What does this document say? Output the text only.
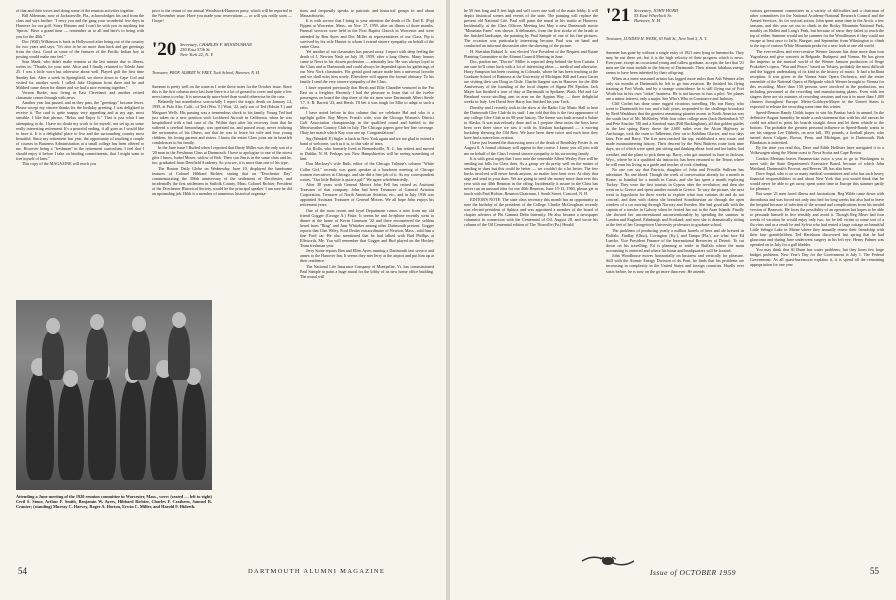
of that and their wives and doing some of the reunion activities together.

Bill Alderman, now of Jacksonville, Fla., acknowledges his card from the class and says further: "I envy you and the gang your wonderful few days in Hanover for our golf. Sorry Ebinner and I can't be with you in anything but 'Spirits.' Have a grand time — remember us to all and here's to being with you for the 40th."

Doc (Will) Wilkinson is back in Hollywood after being out of the country for two years and says: "It's nice to be no more than back and get greetings from the class. Good as some of the features of the Pacific Indian boy in posting would make one feel."

Stan Mank, who didn't make reunion at the last minute due to illness, writes in: "Thanks for your note. Alice and I finally returned to Toledo June 25. I was a little worn but otherwise about well. Played golf the first time Sunday last. After a week in Springfield, we drove down to Cape Cod and visited for another week. I called Jake Chipman from there and he and Mildred came down for dinner and we had a nice evening together."

Vernon Burke, now living in East Cleveland, and another retired classmate comes through with news.

Another year has passed, and as they pass, the "greetings" become fewer. Please accept my sincere thanks for the birthday greeting. I was delighted to receive it. The card is quite snappy very appealing and at my age, most sensible. I like that phrase, "Relax and Enjoy It." That is just what I am attempting to do. I have no doubt my work is for myself, not set up as some really interesting retirement. It's a peaceful ending, if all goes as I would like to have it. It is a delightful place to live and the surrounding country most beautiful. Since my retirement last year, the opportunity of teaching a couple of courses in Business Administration at a small college has been offered to me. However being a "freshman" in the retirement curriculum, I feel that I should enjoy it before I take on binding commitments, that I might want to free myself of later."

This copy of the MAGAZINE will reach you

prior to the return of our annual Woodstock-Hanover party, which will be reported in the November issue. Have you made your reservations — or will you really soon — I hope!

'20 Secretary, CHARLES F. MOODUSHAN
250 East 57th St.
New York 22, N. Y.
Treasurer, PROF. ALBERT W. FREY, Tuck School, Hanover, N. H.

Summer is pretty well on the wane as I write these notes for the October issue. Since this is the first column since last June there is a lot of ground to cover and quite a few news items to relay. It is necessarily more brief than would otherwise be the case.

Belatedly but nonetheless sorrowfully I report the tragic death on January 14, 1959, at Palo Alto, Calif., of Ted (Wm. T.) Watt, '22, only son of Ted (Edwin T.) and Margaret Wells. His passing was a tremendous shock to his family. Young Ted had just taken on a new position with Lockheed Aircraft in California, when he was hospitalized with a bad case of flu. Within days after his recovery from that he suffered a cerebral hemorrhage, was operated on, and passed away, never realizing the seriousness of his illness, nor that he was to leave his wife and four young children, his loving parents and sisters. I know the entire Class joins me in heartfelt condolences to his family.

In the June issue I Buffed when I reported that Dusty Miller was the only son of a '20 man in the Freshman Class at Dartmouth. I have to apologize to one of the nicest gifts I know, Isabel Moser, widow of Bob. Their son Jim is in the same class and he, too, graduated from Deerfield Academy. So you see, it is more than one of his type.

The Boston Daily Globe on Wednesday, June 10, displayed the handsome features of Colonel Hibbard Richter, stating that on "Dorchester Day" commemorating the 306th anniversary of the settlement of Dorchester, and incidentally the first settlement in Suffolk County, Mass. Colonel Richter, President of the Dorchester Historical Society, would be the principal speaker. I am sure he did an upstanding job. Hibb is a member of numerous historical organiza-

tions and frequently speaks to patriotic and historical groups in and about Massachusetts.

It is with sorrow that I bring to your attention the death of Dr. Earl E. (Pip) Fippen at Worcester, Mass., on Nov. 17, 1959, after an illness of three months. Funeral services were held in the First Baptist Church in Worcester and were attended by Ben Ayres and Doc Miller as representatives of our Class. Pip is survived by his wife Harriet to whom I extend sincere sympathy on behalf of the entire Class.

Yet another of our classmates has passed away. I report with deep feeling the death of J. Newton Nash on July 18, 1959, after a long illness. Many honors came to Newt in his chosen profession — admiralty law. He was always loyal to the Class and to Dartmouth and could always be depended upon for gatherings of our New York classmates. His genial good nature made him a universal favorite and we shall miss him sorely. Elsewhere will appear the formal obituary. To his family I send the very sincere sympathy of the Class.

I have reported previously that Hersh and Ellie Chandler ventured to the Far East on a freighter. Recently I had the pleasure to learn that of the twelve passengers on board the ship three of the six men were Dartmouth Albert Steele '17, S. R. Barrett '23, and Hersh. I'll bet it was tough for Ellie to adapt to such a ratio.

I have noted before in this column that we celebrate Hal and who is a topflight golfer. Ray Meyer, Frank's wife, won the Chicago Women's District Golf Association championship in the qualified round and battled to the Merriweather Country Club in July. The Chicago papers gave her fine coverage. Okay her match which Kay won one up. Congratulations!

Sig (Wendell P.) Sigler is back in New York again and we are glad to extend a hand of welcome, such as it is, to this vale of tears.

Art Rollo, who formerly lived at Bernardsville, N. J., has retired and moved to Dublin, N. H. Perhaps you New Hampshireites will be seeing something of him.

Don Macksey's wife Ruth, editor of the Chicago Tribune's column "White Collar Girl," recently was guest speaker at a luncheon meeting of Chicago women executives at Chicago, and she did a fine job of it. As my correspondent writes, "Our little Ruthie is quite a gal!" We agree wholeheartedly.

After 38 years with General Motors John Fell has retired as Assistant Treasurer of that company. John had been Treasurer of General Aviation Corporation, Treasurer of North American Aviation, etc., and in July 1936 was appointed Assistant Treasurer of General Motors. We all hope John enjoys his retirement years.

One of the most recent and loyal Department comes a note from my old friend Gogger (George A.) Fiske. It seems he and Jo-ephine recently went to dinner at the home of Kevin Gumsson '22 and there encountered the seldom heard from "Bing" and Jane Whitaker among other Dartmouth present. Gogger reports that Chet Wiley, Ford Dealer extraordinaire of Newton, Mass., sold him a fine Ford car. He also mentioned that he had talked with Bud Phillips at Ellsworth, Me. You will remember that Gogger and Bud played on the Hockey Team freshman year.

Jerry Stone reports Ben and Ellen Ayres running a Dartmouth taxi service and annex to the Hanover Inn. It seems they met Jerry at the airport and put him up at their residence.

The National Life Insurance Company of Montpelier, Vt. has commissioned Paul Sample to paint a huge mural for the lobby of its new home office building. The mural will

Attending a June meeting of the 1920 reunion committee in Worcester, Mass., were: (seated — left to right) Cecil S. Stone, Arthur F. Smith, Benjamin W. Ayres, Hibbard Richter, Charles F. Crathern, Samuel R. Cranter; (standing) Murray C. Harvey, Roger A. Horton, Erwin C. Miller, and Harold F. Hidreth.
54	DARTMOUTH ALUMNI MAGAZINE

be 50 feet long and 8 feet high and will cover one wall of the main lobby. It will depict historical scenes and events of the state. The painting will replace the present old National Life. Paul will paint the mural in his studio at Hanover. Incidentally, at the Class Officers Meeting last May a new Dartmouth movie "Mountain Farm" was shown. It delineates, from the first stroke of the brush to the finished landscape, the painting by Paul Sample of one of his fine pictures. The occasion was particularly interesting because Paul was on hand and conducted an informal discussion after the showing of the picture.

H. Sheridan Bakstel Jr. was elected Vice President of the Request and Estate Planning Committee at the Alumni Council Meeting in June.

Doc, pardon me, "Doctor" Miller is reported deep behind the Iron Curtain. I am sure he'll come back with a lot of interesting ideas — medical and otherwise. Harry Sampson has been cruising in Colorado, where he has been teaching at the Graduate School of Business at the University of Michigan. Bill and Laura Carter are visiting their son Doug in Chile. Charlie Sargent was in Hanover for the 40th Anniversary of the founding of the local chapter of Sigma Phi Epsilon. Jack Mayer has finished a tour of duty at Dartmouth in Spokane, Wash. Hal and Liz Bernhard wrote strolling arm in arm on the Appian Way — three delightful weeks in Italy. Len David Seer Harry has finished his year Tuck.

Dorothy and I recently took in the show at the Radio City Music Hall to hear the Dartmouth Glee Club do its stuff. I am told that this is the first appearance of any college Glee Club in its 90-year history. The theme was built around a Salute to Alaska. It was marvelously done and as I prepare these notes the boys have been over there since we saw it with its Alaskan background — a moving backdrop showing the Old Row. We have been there twice and each time they have had a marvelous ovation.

I have just learned the distressing news of the death of Reardsley Foster Jr. on August 8. A formal obituary will appear in due course. I know you all join with me on behalf of the Class I extend sincere sympathy to his sorrowing family.

It is with great regret that I now note the venerable Albert Wesley Fore will be sending out bills for Class dues. As a group we do pretty well on the matter of sending in dues but this could be better — we couldn't do a lot better. The few bucks involved will never break anyone, no matter how bent over. At obey that urge and send in your dues. We are going to need the money more than ever this year with our 40th Reunion in the offing. Incidentally it assure in the Class has never run an unusual idea for our 40th Reunion, June 15-13, 1960, please get in touch with Paul Richter, Reunion Chairman, 1 South Street, Concord, N. H.

EDITOR'S NOTE: The state class secretary this month has an opportunity to note the birthday of the president of the College. Charlie McGeoghran recently was elected president of Sphinx and was appointed a member of the board of chapter advisers of Phi Gamma Delta fraternity. He also became a newspaper columnist in connection with the Centennial of Oil, August 28, and wrote his column of the Oil Centennial edition of The Titusville (Pa.) Herald.

'21 Secretary, JOHN HURD
55 East Wheelock St.
Hanover, N. H.
Treasurer, LUNDEN H. WEEK, 63 Wall St., New York 5, N. Y.

Summer has gone by without a single entry of 1921 men lying in hammocks. They may be out there yet, but it is the high velocity of their progress which is news. Everyone, except an occasional young and callow graduate, accepts the fact that '21 men are the most mobile in the history of Dartmouth. Their almost fabulous energy seems to have been inherited by their offspring.

When as a mere seasoned aviator has logged more miles than Ash Wenner after only six months at Dartmouth he left to go into aviation. He finished his flying training at Fort Worth, and by a strange coincidence he is still flying out of Fort Worth but in his own "ticket" business. He is not known to fuss a pilot. Yet planes are a minor interest, only a major. See Who's Who in Commerce and Industry.

Cliff Corbet has done some rugged vicarious travelling. His son Barry, who went to Dartmouth for two and a half years, responded to the challenge broadcast by Reid Washburn that the greatest remaining pioneer ascent in North America was the south face of Mt. McKinley. With four other college men (Jack Breitenbach '57 and Pete Sinclair '58) and a Stanford man (Bill Buckingham), all that golden guides in the last spring Barry drove the 2,600 miles over the Alcan Highway to Anchorage, took the train to Talkeetna, flew on to Kahiltna Glacier, and two days later, Pete and Barry. The five men reached the top, established a new route, and made mountaineering history. Their descent by the West Buttress route took nine days, six of which were spent just sitting and thinking about food and hot baths, bad weather, and the plane to pick them up. Barry, who got married in June to Jackson, Wyo., where he is a qualified ski instructor, has been returned to the Tetons where he will earn his living as a guide and teacher of rock climbing.

No one can say that Patricia, daughter of John and Priscilla Sullivan has adventure. No one blood. Though the week of conversation already for a month in Rome, in Istanbul for a month in Cassis, and she has spent a month exploring Turkey. They were the first tourists in Cyprus after the revolution, and then she went on to Greece and spent another month in Greece. To vary the picture, she next went to Jugoslavia for three weeks to explore what iron curtains do and do not conceal, and then with claims she breached Scandinavian air through the open window of a car moving through Norway and Sweden. She had good talk with the captain of a trawler in Galway when he ferried her out to the Aran Islands. Finally she showed her unconventional unconventionality by spending the summer in London and England, Edinburgh and Scotland; and now she is dramatically sitting at the feet of her Georgetown University professors in graduate school.

The problems of producing yearly a million barrels of beer and ale brewed in Buffalo, Findlay (Ohio), Covington (Ky.), and Tampa (Fla.), are what face Ed Luecke, Vice President Finance of the International Breweries of Detroit. To cut down on his travelling, Ed is planning to settle in Buffalo where the main accounting is centered and where his home and headquarters will be located.

John Woodhouse moves horizontally on business and vertically for pleasure. Still with the Atomic Energy Division of du Pont, he finds that his problems are increasing in complexity in the United States and foreign countries. Hardly ever static before, he is now on the go more than ever. He attends

various government committees in a variety of difficulties and a chairman of other committees for the National Academy-National Research Council and the Armed Services. As for vertical action, John spent some time in the Arctic a few seasons, and this year set out to climb in the Rocky Mountain National Park, notably on Hallett and Long's Peak, but because of snow they failed to reach the top of either. Summer would not be summer for the Woodhouses if they could not escape at least once to Jaffe, Buegue, and September from Wilmington to climb to the top of various White Mountain peaks for a new look at one old world.

The ever-restless and ever-creative Werner Janssen has done more than tour Yugoslavia and give concerts in Belgrade, Budapest, and Vienna. He has given the impetus in the musical world of the Werner Janssen production of Serge Prokofiev's opera, "War and Peace," based on Tolstoy, probably the most difficult and the biggest undertaking of its kind in the history of music. It had a brilliant reception. It was given in the Vienna State Opera Orchestra, and the entire ensemble of the National Opera of Belgrade which Werner brought to Vienna for this recording. More than 150 persons were involved in the production, not including personnel at the recording and manufacturing plants. Even with ten singers there are six minutes of recording sessions and run it in more than 1,000 charters throughout Europe. Metro-Goldwyn-Mayer in the United States is expected to release the recording some time this winter.

Speed-Demon Randy Childs hopes to win his Pontiac back in annual. In the definitive August humidity he made a rash statement that with his old canvas he could not afford to point his boards straight down and let them whistle to the bottom. The probable the greatest personal influence in Speed-Randy wants to see his surgeon Lee Tibbetts, on next fall, 193 pounds, a football player, who turned down Colgate, Brown, Penn, and Michigan, got to Dartmouth. Bob Blankston is interested.

By the time you read this, Dave and Edith Hollister have navigated it in a Volkswagen along the Maine coast to Nova Scotia and Cape Breton.

Gordon Merriam leaves Panamerican twice a year to go to Washington to meet with the State Department's Executive Board, because of which John Maitland, Dartmouth's Provost, and Reeves '28, has also been.

Dave Segal, who is on so many medical committees and who has such heavy financial responsibilities in and about New York that you would think that he would never be able to get away, spent some time in Europe this summer partly for pleasure.

But some '21 men faced illness and frustrations. Reg Wilde came down with thrombosis and was forced not only into bed for long weeks but also had to leave the hospital because of infection of the wound and complications from his invalid version of Beauvoir. He faces the possibility of an operation but hopes to be able to persuade himself to live sensibly and avoid it. Though Reg Miser had four weeks of vacation he would enjoy only two, for he fell victim to some sort of a flu virus and as a result he and Sylvia who had rented a large cottage on beautiful Little Sebago Lake in Maine where they annually renew their friendship with their four grandchildren. Ted Harisborn discovered last spring that he had glaucoma and during June underwent surgery in his left eye. Henry Palmer was operated on in July for a gall bladder.

You may think that Al Dunn has water problems, but they loom few large budget problems. New Year's Day for the Government is July 1. The Federal Government: As all quasi-bureaucrat explains it, it is spend all the remaining appropriation for one year

Issue of OCTOBER 1959	55
